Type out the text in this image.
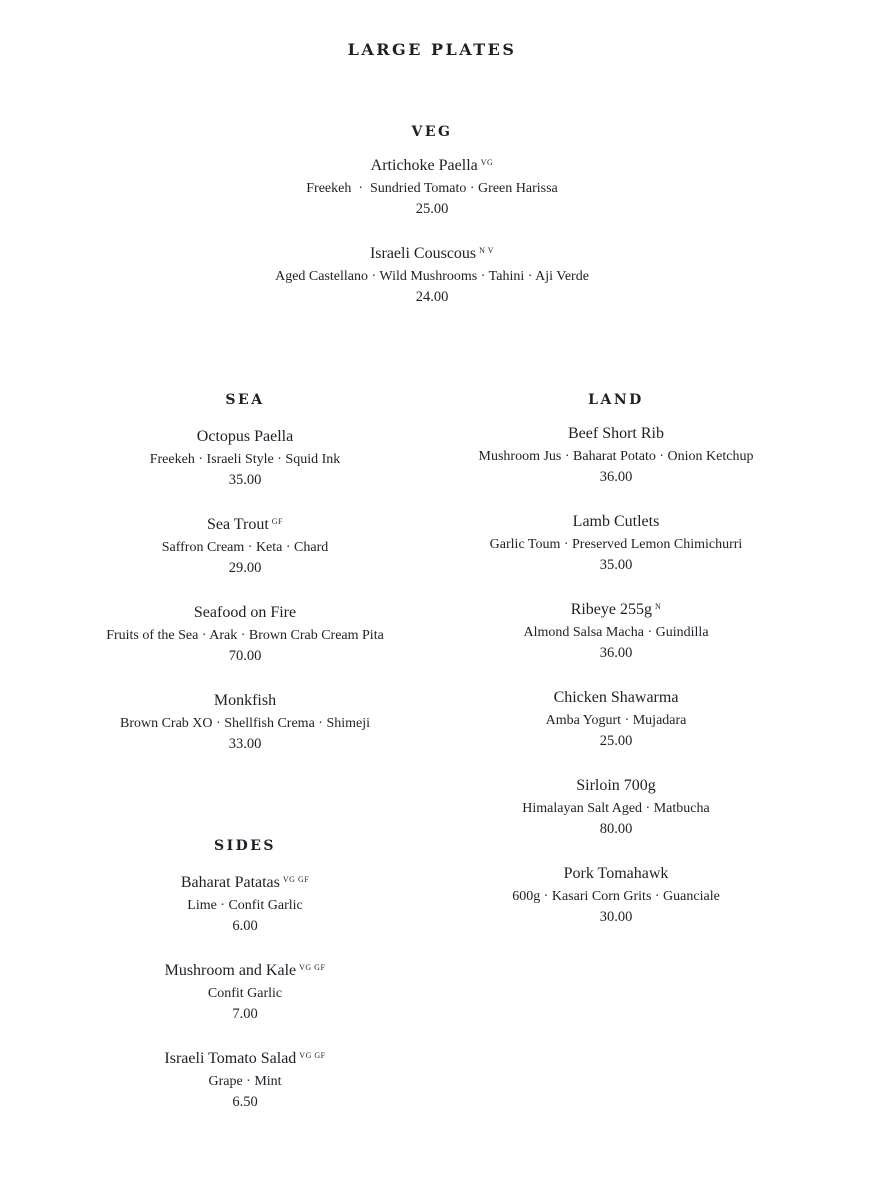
LARGE PLATES
VEG
Artichoke Paella $^{VG}$
Freekeh  ·  Sundried Tomato · Green Harissa
25.00
Israeli Couscous $^{N V}$
Aged Castellano · Wild Mushrooms · Tahini · Aji Verde
24.00
SEA
Octopus Paella
Freekeh · Israeli Style · Squid Ink
35.00
Sea Trout $^{GF}$
Saffron Cream · Keta · Chard
29.00
Seafood on Fire
Fruits of the Sea · Arak · Brown Crab Cream Pita
70.00
Monkfish
Brown Crab XO · Shellfish Crema · Shimeji
33.00
LAND
Beef Short Rib
Mushroom Jus · Baharat Potato · Onion Ketchup
36.00
Lamb Cutlets
Garlic Toum · Preserved Lemon Chimichurri
35.00
Ribeye 255g $^N$
Almond Salsa Macha · Guindilla
36.00
Chicken Shawarma
Amba Yogurt · Mujadara
25.00
Sirloin 700g
Himalayan Salt Aged · Matbucha
80.00
Pork Tomahawk
600g · Kasari Corn Grits · Guanciale
30.00
SIDES
Baharat Patatas $^{VG GF}$
Lime · Confit Garlic
6.00
Mushroom and Kale $^{VG GF}$
Confit Garlic
7.00
Israeli Tomato Salad $^{VG GF}$
Grape · Mint
6.50
